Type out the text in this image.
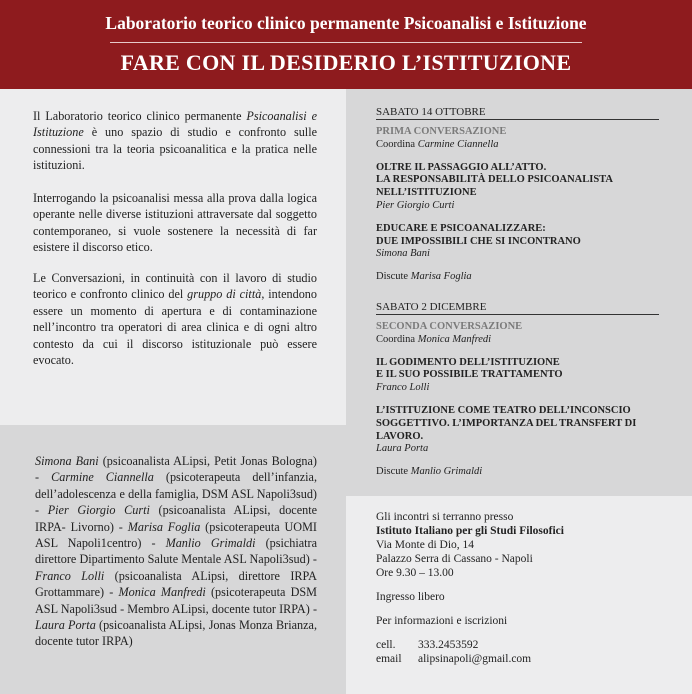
Laboratorio teorico clinico permanente Psicoanalisi e Istituzione
FARE CON IL DESIDERIO L’ISTITUZIONE
Il Laboratorio teorico clinico permanente Psicoanalisi e Istituzione è uno spazio di studio e confronto sulle connessioni tra la teoria psicoanalitica e la pratica nelle istituzioni.
Interrogando la psicoanalisi messa alla prova dalla logica operante nelle diverse istituzioni attraversate dal soggetto contemporaneo, si vuole sostenere la necessità di far esistere il discorso etico.
Le Conversazioni, in continuità con il lavoro di studio teorico e confronto clinico del gruppo di città, intendono essere un momento di apertura e di contaminazione nell’incontro tra operatori di area clinica e di ogni altro contesto da cui il discorso istituzionale può essere evocato.
SABATO 14 OTTOBRE
PRIMA CONVERSAZIONE
Coordina Carmine Ciannella
OLTRE IL PASSAGGIO ALL’ATTO.
LA RESPONSABILITÀ DELLO PSICOANALISTA
NELL’ISTITUZIONE
Pier Giorgio Curti
EDUCARE E PSICOANALIZZARE:
DUE IMPOSSIBILI CHE SI INCONTRANO
Simona Bani
Discute Marisa Foglia
SABATO 2 DICEMBRE
SECONDA CONVERSAZIONE
Coordina Monica Manfredi
IL GODIMENTO DELL’ISTITUZIONE
E IL SUO POSSIBILE TRATTAMENTO
Franco Lolli
L’ISTITUZIONE COME TEATRO DELL’INCONSCIO
SOGGETTIVO. L’IMPORTANZA DEL TRANSFERT DI
LAVORO.
Laura Porta
Discute Manlio Grimaldi
Simona Bani (psicoanalista ALipsi, Petit Jonas Bologna) - Carmine Ciannella (psicoterapeuta dell’infanzia, dell’adolescenza e della famiglia, DSM ASL Napoli3sud) - Pier Giorgio Curti (psicoanalista ALipsi, docente IRPA- Livorno) - Marisa Foglia (psicoterapeuta UOMI ASL Napoli1centro) - Manlio Grimaldi (psichiatra direttore Dipartimento Salute Mentale ASL Napoli3sud) - Franco Lolli (psicoanalista ALipsi, direttore IRPA Grottammare) - Monica Manfredi (psicoterapeuta DSM ASL Napoli3sud - Membro ALipsi, docente tutor IRPA) - Laura Porta (psicoanalista ALipsi, Jonas Monza Brianza, docente tutor IRPA)
Gli incontri si terranno presso
Istituto Italiano per gli Studi Filosofici
Via Monte di Dio, 14
Palazzo Serra di Cassano - Napoli
Ore 9.30 – 13.00
Ingresso libero
Per informazioni e iscrizioni
cell.	333.2453592
email	alipsinapoli@gmail.com
